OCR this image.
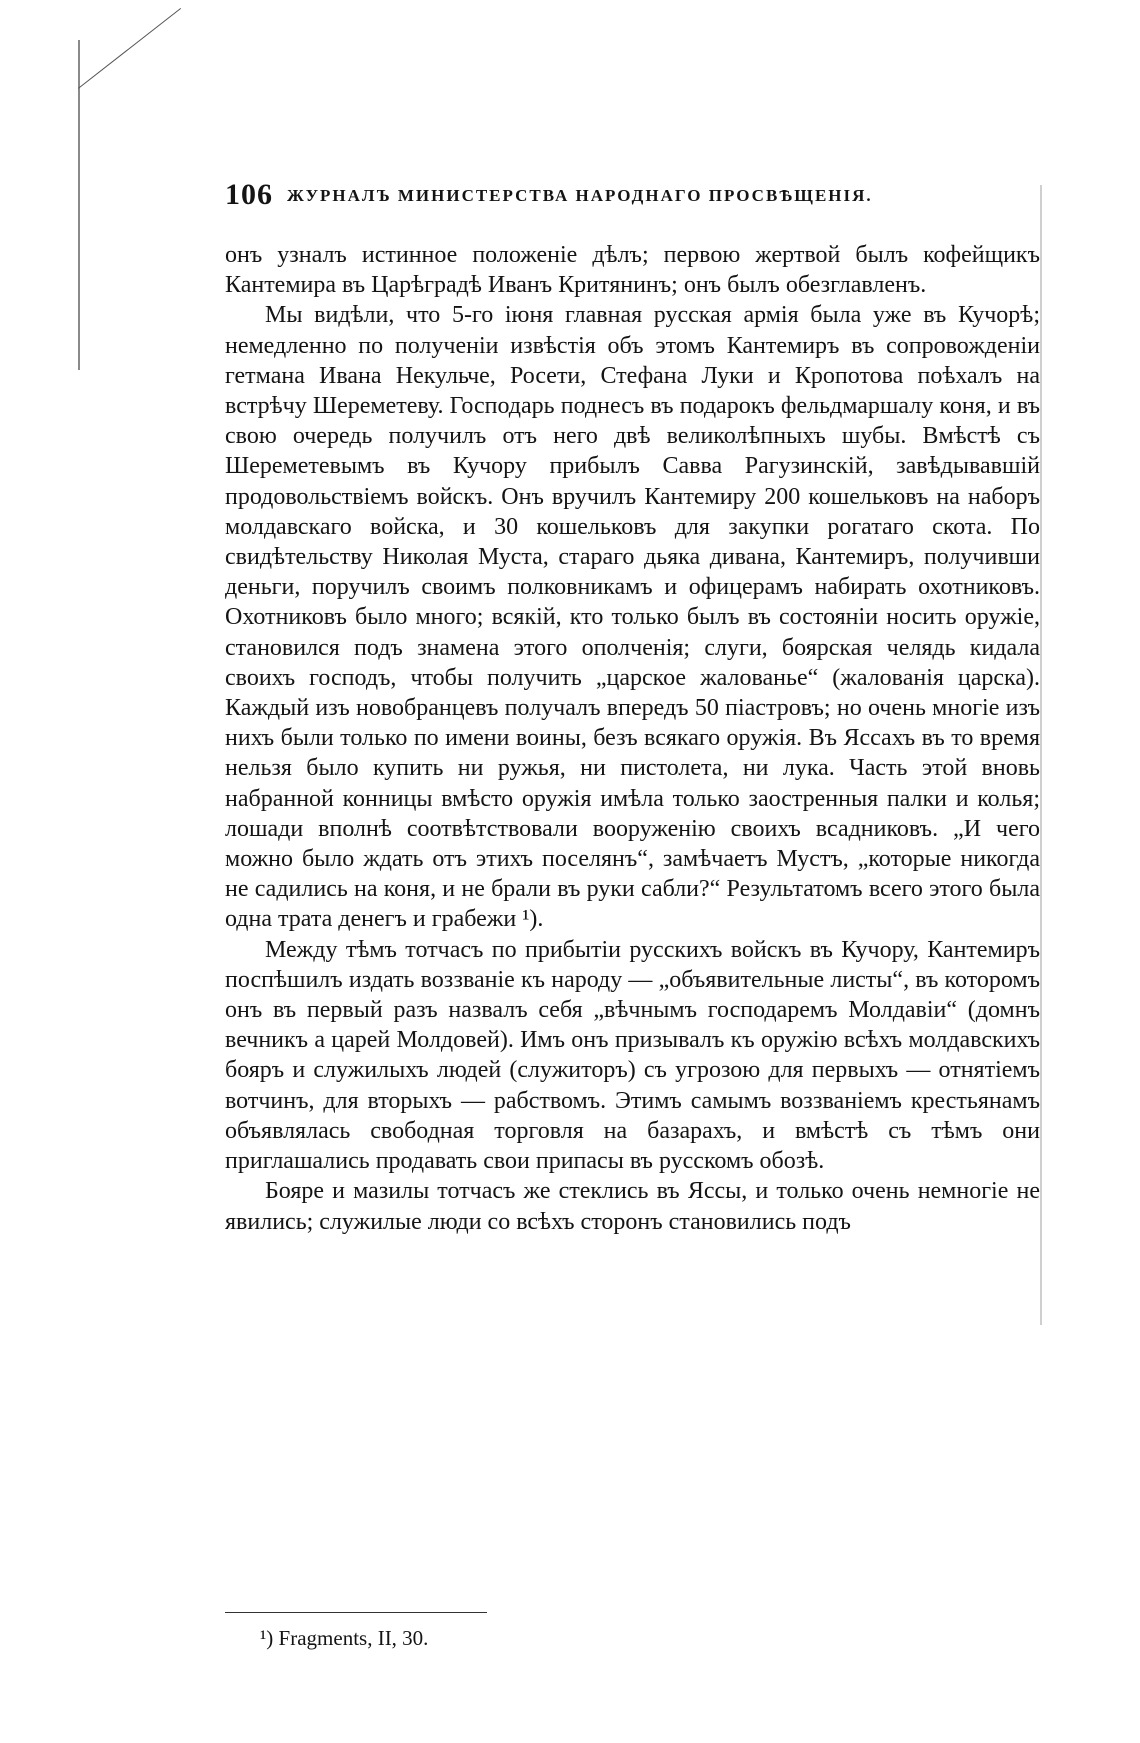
106 ЖУРНАЛЪ МИНИСТЕРСТВА НАРОДНАГО ПРОСВѢЩЕНІЯ.

онъ узналъ истинное положеніе дѣлъ; первою жертвой былъ кофейщикъ Кантемира въ Царѣградѣ Иванъ Критянинъ; онъ былъ обезглавленъ.

Мы видѣли, что 5-го іюня главная русская армія была уже въ Кучорѣ; немедленно по полученіи извѣстія объ этомъ Кантемиръ въ сопровожденіи гетмана Ивана Некульче, Росети, Стефана Луки и Кропотова поѣхалъ на встрѣчу Шереметеву. Господарь поднесъ въ подарокъ фельдмаршалу коня, и въ свою очередь получилъ отъ него двѣ великолѣпныхъ шубы. Вмѣстѣ съ Шереметевымъ въ Кучору прибылъ Савва Рагузинскій, завѣдывавшій продовольствіемъ войскъ. Онъ вручилъ Кантемиру 200 кошельковъ на наборъ молдавскаго войска, и 30 кошельковъ для закупки рогатаго скота. По свидѣтельству Николая Муста, стараго дьяка дивана, Кантемиръ, получивши деньги, поручилъ своимъ полковникамъ и офицерамъ набирать охотниковъ. Охотниковъ было много; всякій, кто только былъ въ состояніи носить оружіе, становился подъ знамена этого ополченія; слуги, боярская челядь кидала своихъ господъ, чтобы получить „царское жалованье“ (жалованія царска). Каждый изъ новобранцевъ получалъ впередъ 50 піастровъ; но очень многіе изъ нихъ были только по имени воины, безъ всякаго оружія. Въ Яссахъ въ то время нельзя было купить ни ружья, ни пистолета, ни лука. Часть этой вновь набранной конницы вмѣсто оружія имѣла только заостренныя палки и колья; лошади вполнѣ соотвѣтствовали вооруженію своихъ всадниковъ. „И чего можно было ждать отъ этихъ поселянъ“, замѣчаетъ Мустъ, „которые никогда не садились на коня, и не брали въ руки сабли?“ Результатомъ всего этого была одна трата денегъ и грабежи ¹).

Между тѣмъ тотчасъ по прибытіи русскихъ войскъ въ Кучору, Кантемиръ поспѣшилъ издать воззваніе къ народу — „объявительные листы“, въ которомъ онъ въ первый разъ назвалъ себя „вѣчнымъ господаремъ Молдавіи“ (домнъ вечникъ а царей Молдовей). Имъ онъ призывалъ къ оружію всѣхъ молдавскихъ бояръ и служилыхъ людей (служиторъ) съ угрозою для первыхъ — отнятіемъ вотчинъ, для вторыхъ — рабствомъ. Этимъ самымъ воззваніемъ крестьянамъ объявлялась свободная торговля на базарахъ, и вмѣстѣ съ тѣмъ они приглашались продавать свои припасы въ русскомъ обозѣ.

Бояре и мазилы тотчасъ же стеклись въ Яссы, и только очень немногіе не явились; служилые люди со всѣхъ сторонъ становились подъ

¹) Fragments, II, 30.
